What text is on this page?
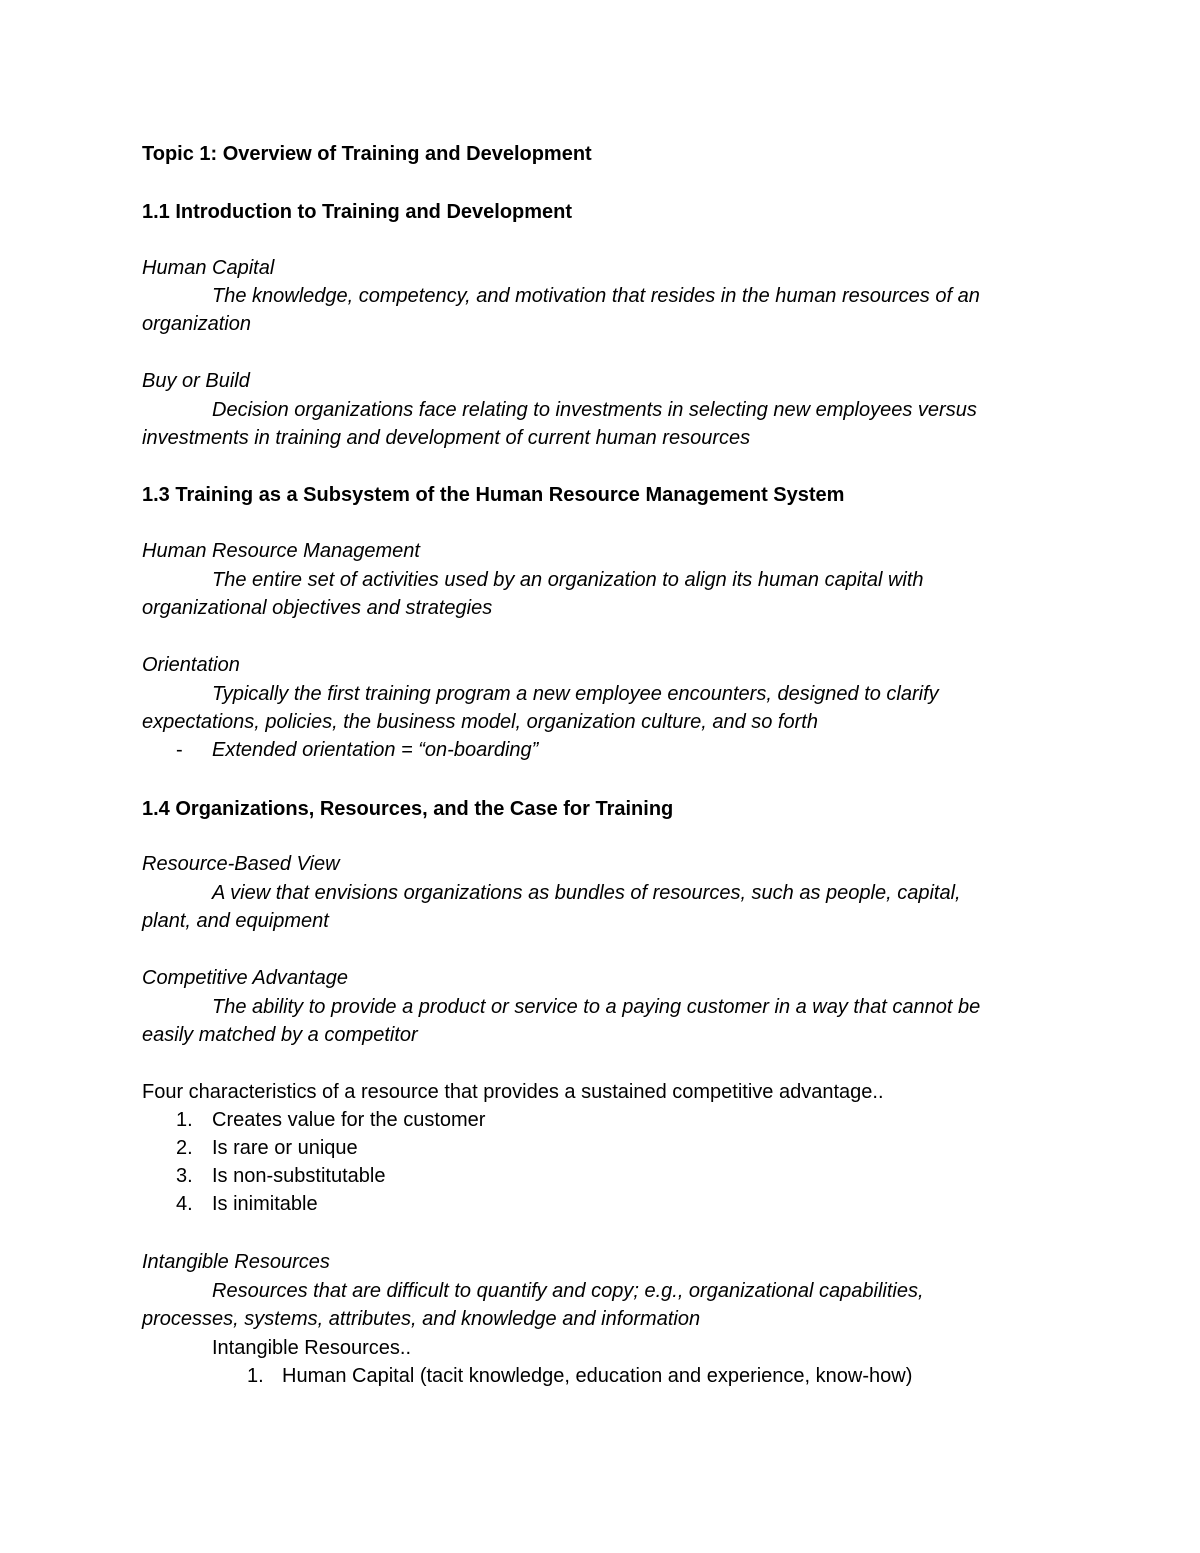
Topic 1: Overview of Training and Development
1.1 Introduction to Training and Development
Human Capital
The knowledge, competency, and motivation that resides in the human resources of an
organization
Buy or Build
Decision organizations face relating to investments in selecting new employees versus
investments in training and development of current human resources
1.3 Training as a Subsystem of the Human Resource Management System
Human Resource Management
The entire set of activities used by an organization to align its human capital with
organizational objectives and strategies
Orientation
Typically the first training program a new employee encounters, designed to clarify
expectations, policies, the business model, organization culture, and so forth
- Extended orientation = “on-boarding”
1.4 Organizations, Resources, and the Case for Training
Resource-Based View
A view that envisions organizations as bundles of resources, such as people, capital,
plant, and equipment
Competitive Advantage
The ability to provide a product or service to a paying customer in a way that cannot be
easily matched by a competitor
Four characteristics of a resource that provides a sustained competitive advantage..
1. Creates value for the customer
2. Is rare or unique
3. Is non-substitutable
4. Is inimitable
Intangible Resources
Resources that are difficult to quantify and copy; e.g., organizational capabilities,
processes, systems, attributes, and knowledge and information
Intangible Resources..
1. Human Capital (tacit knowledge, education and experience, know-how)
